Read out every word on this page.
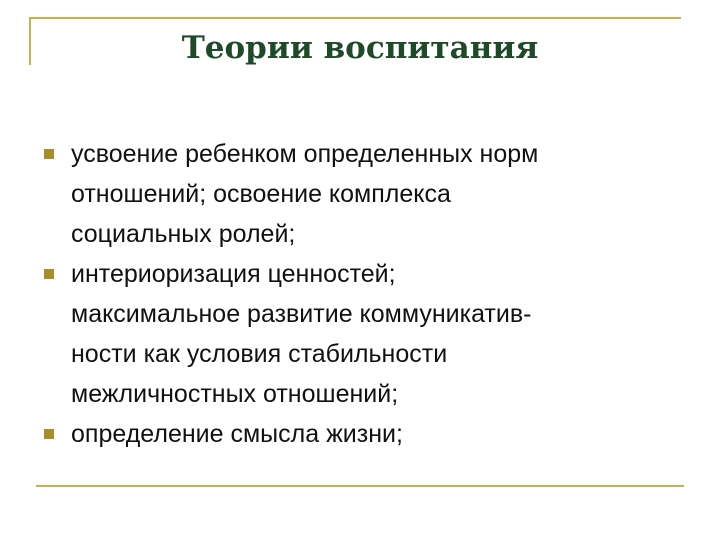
Теории воспитания
усвоение ребенком определенных норм
отношений; освоение комплекса
социальных ролей;
интериоризация ценностей;
максимальное развитие коммуникатив-
ности как условия стабильности
межличностных отношений;
определение смысла жизни;
